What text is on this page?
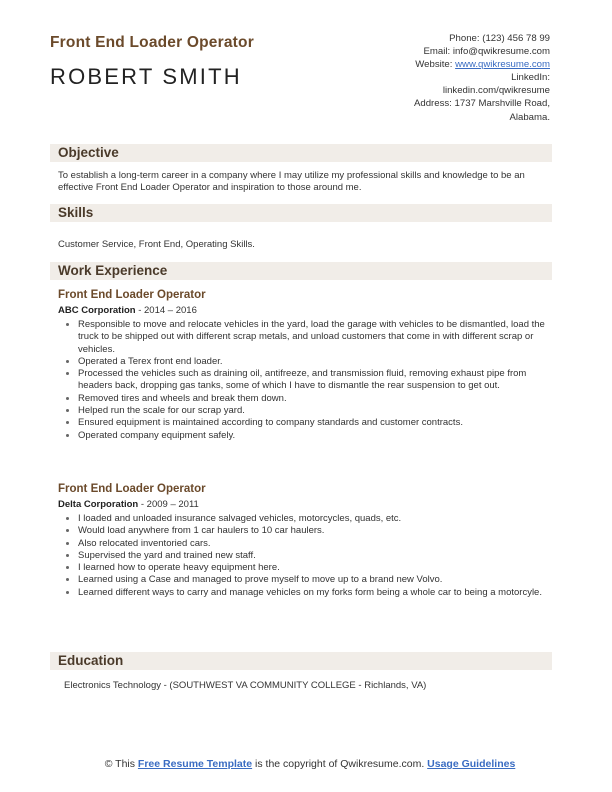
Front End Loader Operator
ROBERT SMITH
Phone: (123) 456 78 99
Email: info@qwikresume.com
Website: www.qwikresume.com
LinkedIn:
linkedin.com/qwikresume
Address: 1737 Marshville Road,
Alabama.
Objective
To establish a long-term career in a company where I may utilize my professional skills and knowledge to be an effective Front End Loader Operator and inspiration to those around me.
Skills
Customer Service, Front End, Operating Skills.
Work Experience
Front End Loader Operator
ABC Corporation - 2014 – 2016
• Responsible to move and relocate vehicles in the yard, load the garage with vehicles to be dismantled, load the truck to be shipped out with different scrap metals, and unload customers that come in with different scrap or vehicles.
• Operated a Terex front end loader.
• Processed the vehicles such as draining oil, antifreeze, and transmission fluid, removing exhaust pipe from headers back, dropping gas tanks, some of which I have to dismantle the rear suspension to get out.
• Removed tires and wheels and break them down.
• Helped run the scale for our scrap yard.
• Ensured equipment is maintained according to company standards and customer contracts.
• Operated company equipment safely.
Front End Loader Operator
Delta Corporation - 2009 – 2011
• I loaded and unloaded insurance salvaged vehicles, motorcycles, quads, etc.
• Would load anywhere from 1 car haulers to 10 car haulers.
• Also relocated inventoried cars.
• Supervised the yard and trained new staff.
• I learned how to operate heavy equipment here.
• Learned using a Case and managed to prove myself to move up to a brand new Volvo.
• Learned different ways to carry and manage vehicles on my forks form being a whole car to being a motorcyle.
Education
Electronics Technology - (SOUTHWEST VA COMMUNITY COLLEGE - Richlands, VA)
© This Free Resume Template is the copyright of Qwikresume.com. Usage Guidelines
